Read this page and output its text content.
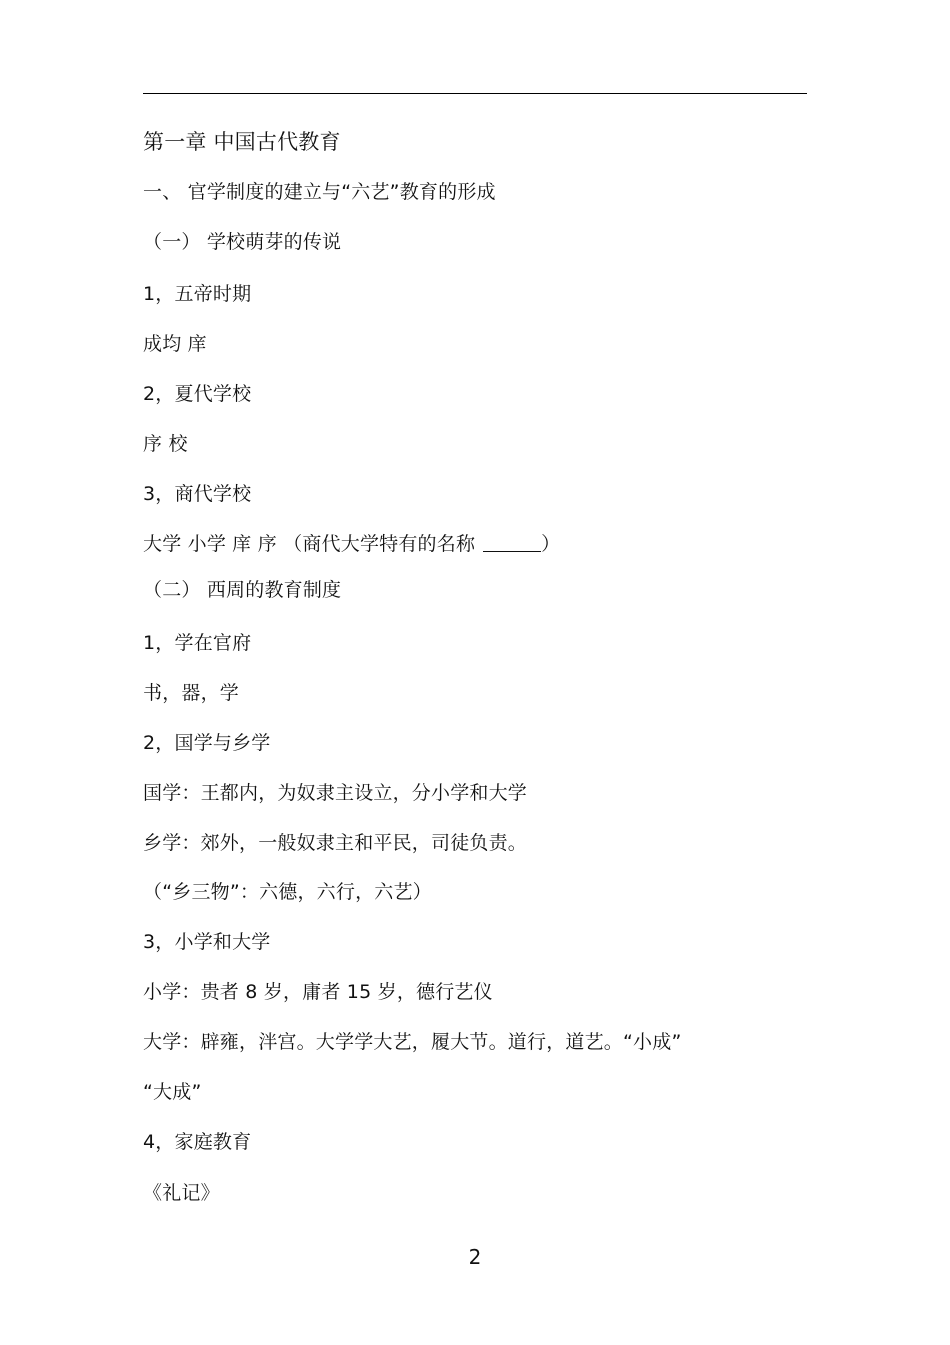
第一章 中国古代教育
一、 官学制度的建立与“六艺”教育的形成
（一） 学校萌芽的传说
1，五帝时期
成均 庠
2，夏代学校
序 校
3，商代学校
大学 小学 庠 序 （商代大学特有的名称	）
（二） 西周的教育制度
1，学在官府
书，器，学
2，国学与乡学
国学：王都内，为奴隶主设立，分小学和大学
乡学：郊外，一般奴隶主和平民，司徒负责。
（“乡三物”：六德，六行，六艺）
3，小学和大学
小学：贵者 8 岁，庸者 15 岁，德行艺仪
大学：辟雍，泮宫。大学学大艺，履大节。道行，道艺。“小成”
“大成”
4，家庭教育
《礼记》
2
